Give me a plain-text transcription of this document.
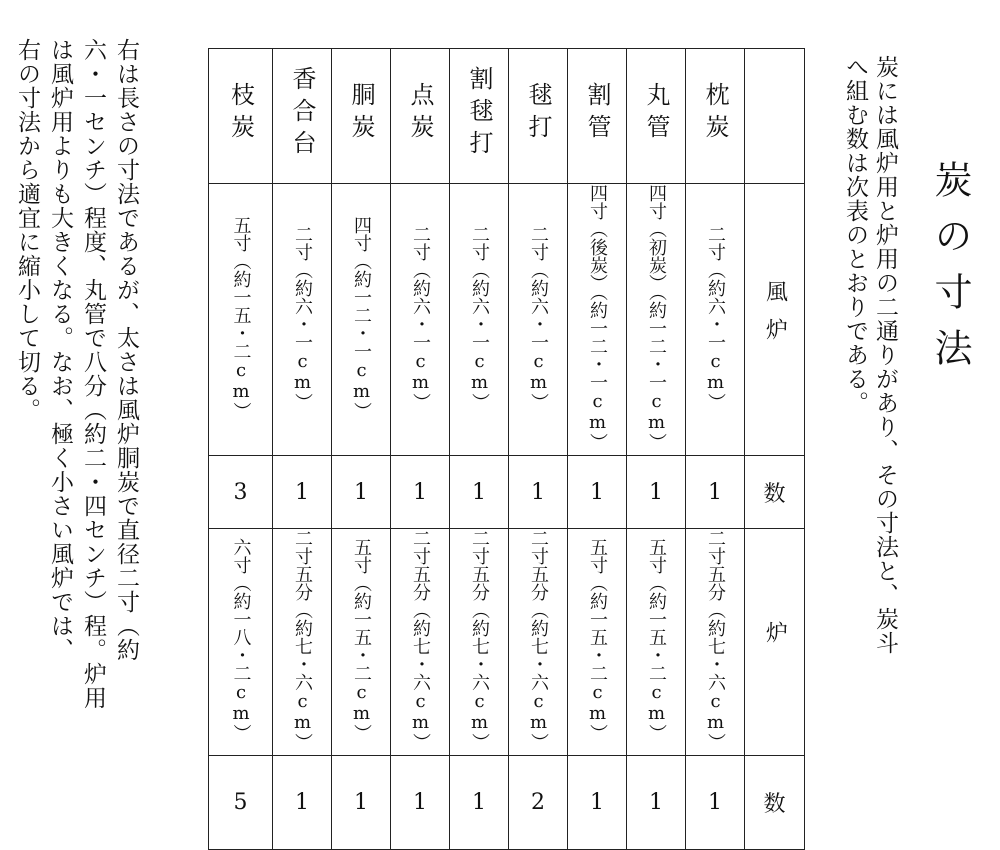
炭の寸法
炭には風炉用と炉用の二通りがあり、その寸法と、炭斗
へ組む数は次表のとおりである。
枝炭	香合台	胴炭	点炭	割毬打	毬打	割管	丸管	枕炭	
五寸（約一五・二cm）	二寸（約六・一cm）	四寸（約一二・一cm）	二寸（約六・一cm）	二寸（約六・一cm）	二寸（約六・一cm）	四寸（後炭）（約一二・一cm）	四寸（初炭）（約一二・一cm）	二寸（約六・一cm）	風炉
3	1	1	1	1	1	1	1	1	数
六寸（約一八・二cm）	二寸五分（約七・六cm）	五寸（約一五・二cm）	二寸五分（約七・六cm）	二寸五分（約七・六cm）	二寸五分（約七・六cm）	五寸（約一五・二cm）	五寸（約一五・二cm）	二寸五分（約七・六cm）	炉
5	1	1	1	1	2	1	1	1	数
右は長さの寸法であるが、太さは風炉胴炭で直径二寸（約
六・一センチ）程度、丸管で八分（約二・四センチ）程。炉用
は風炉用よりも大きくなる。なお、極く小さい風炉では、
右の寸法から適宜に縮小して切る。
